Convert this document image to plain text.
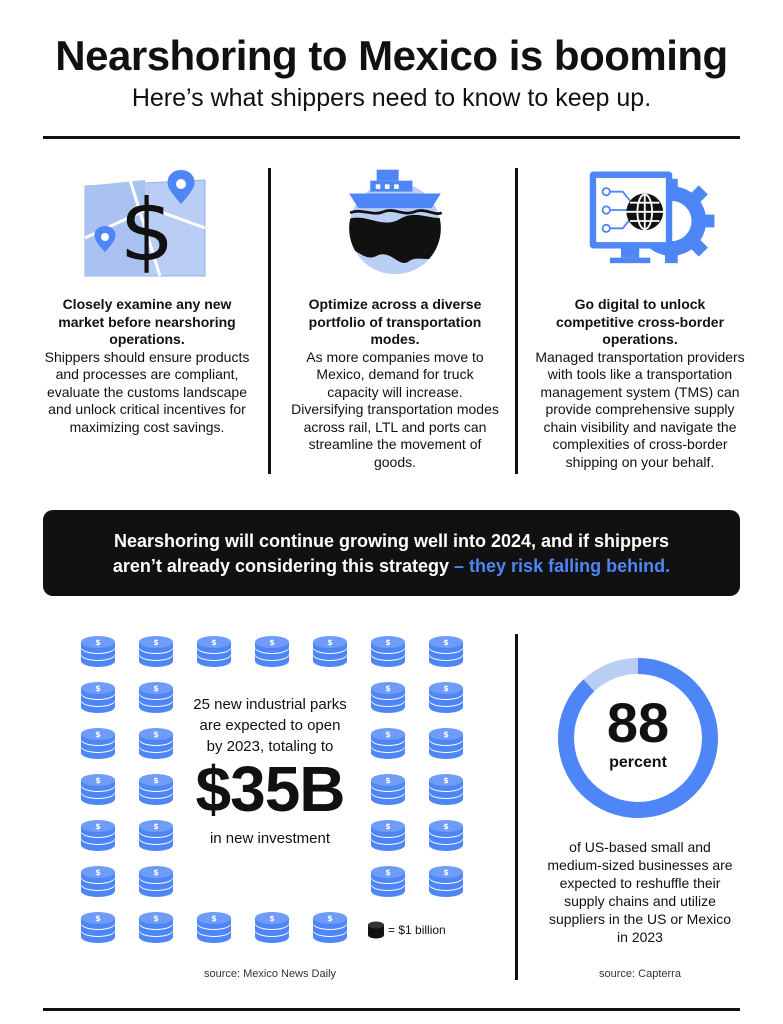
Nearshoring to Mexico is booming
Here’s what shippers need to know to keep up.
$
Closely examine any new market before nearshoring operations.
Shippers should ensure products and processes are compliant, evaluate the customs landscape and unlock critical incentives for maximizing cost savings.
Optimize across a diverse portfolio of transportation modes.
As more companies move to Mexico, demand for truck capacity will increase. Diversifying transportation modes across rail, LTL and ports can streamline the movement of goods.
Go digital to unlock competitive cross-border operations.
Managed transportation providers with tools like a transportation management system (TMS) can provide comprehensive supply chain visibility and navigate the complexities of cross-border shipping on your behalf.
Nearshoring will continue growing well into 2024, and if shippers
aren’t already considering this strategy – they risk falling behind.
$	$	$	$	$	$	$
$	$	$	$
$	$	$	$
$	$	$	$
$	$	$	$
$	$	$	$
$	$	$	$	$
25 new industrial parks
are expected to open
by 2023, totaling to
$35B
in new investment
= $1 billion
source: Mexico News Daily
88
percent
of US-based small and
medium-sized businesses are
expected to reshuffle their
supply chains and utilize
suppliers in the US or Mexico
in 2023
source: Capterra
